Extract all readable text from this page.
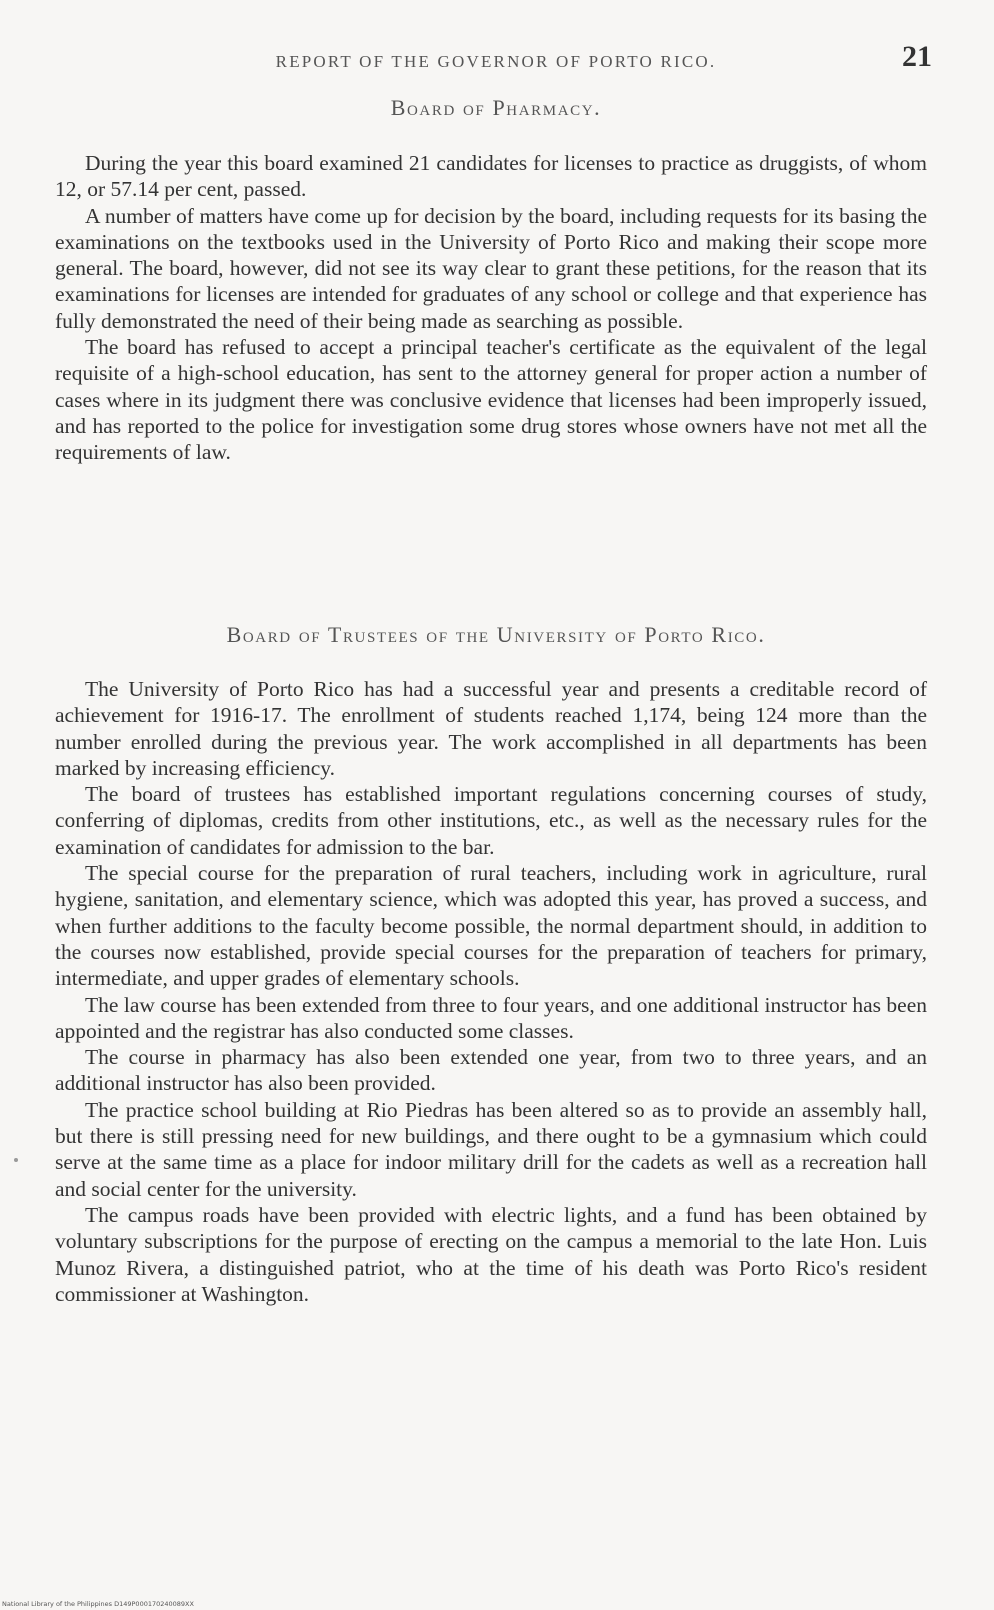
REPORT OF THE GOVERNOR OF PORTO RICO.	21
Board of Pharmacy.

During the year this board examined 21 candidates for licenses to practice as druggists, of whom 12, or 57.14 per cent, passed.

A number of matters have come up for decision by the board, including requests for its basing the examinations on the textbooks used in the University of Porto Rico and making their scope more general. The board, however, did not see its way clear to grant these petitions, for the reason that its examinations for licenses are intended for graduates of any school or college and that experience has fully demonstrated the need of their being made as searching as possible.

The board has refused to accept a principal teacher's certificate as the equivalent of the legal requisite of a high-school education, has sent to the attorney general for proper action a number of cases where in its judgment there was conclusive evidence that licenses had been improperly issued, and has reported to the police for investigation some drug stores whose owners have not met all the requirements of law.

Board of Trustees of the University of Porto Rico.

The University of Porto Rico has had a successful year and presents a creditable record of achievement for 1916-17. The enrollment of students reached 1,174, being 124 more than the number enrolled during the previous year. The work accomplished in all departments has been marked by increasing efficiency.

The board of trustees has established important regulations concerning courses of study, conferring of diplomas, credits from other institutions, etc., as well as the necessary rules for the examination of candidates for admission to the bar.

The special course for the preparation of rural teachers, including work in agriculture, rural hygiene, sanitation, and elementary science, which was adopted this year, has proved a success, and when further additions to the faculty become possible, the normal department should, in addition to the courses now established, provide special courses for the preparation of teachers for primary, intermediate, and upper grades of elementary schools.

The law course has been extended from three to four years, and one additional instructor has been appointed and the registrar has also conducted some classes.

The course in pharmacy has also been extended one year, from two to three years, and an additional instructor has also been provided.

The practice school building at Rio Piedras has been altered so as to provide an assembly hall, but there is still pressing need for new buildings, and there ought to be a gymnasium which could serve at the same time as a place for indoor military drill for the cadets as well as a recreation hall and social center for the university.

The campus roads have been provided with electric lights, and a fund has been obtained by voluntary subscriptions for the purpose of erecting on the campus a memorial to the late Hon. Luis Munoz Rivera, a distinguished patriot, who at the time of his death was Porto Rico's resident commissioner at Washington.

National Library of the Philippines D149P000170240089XX
